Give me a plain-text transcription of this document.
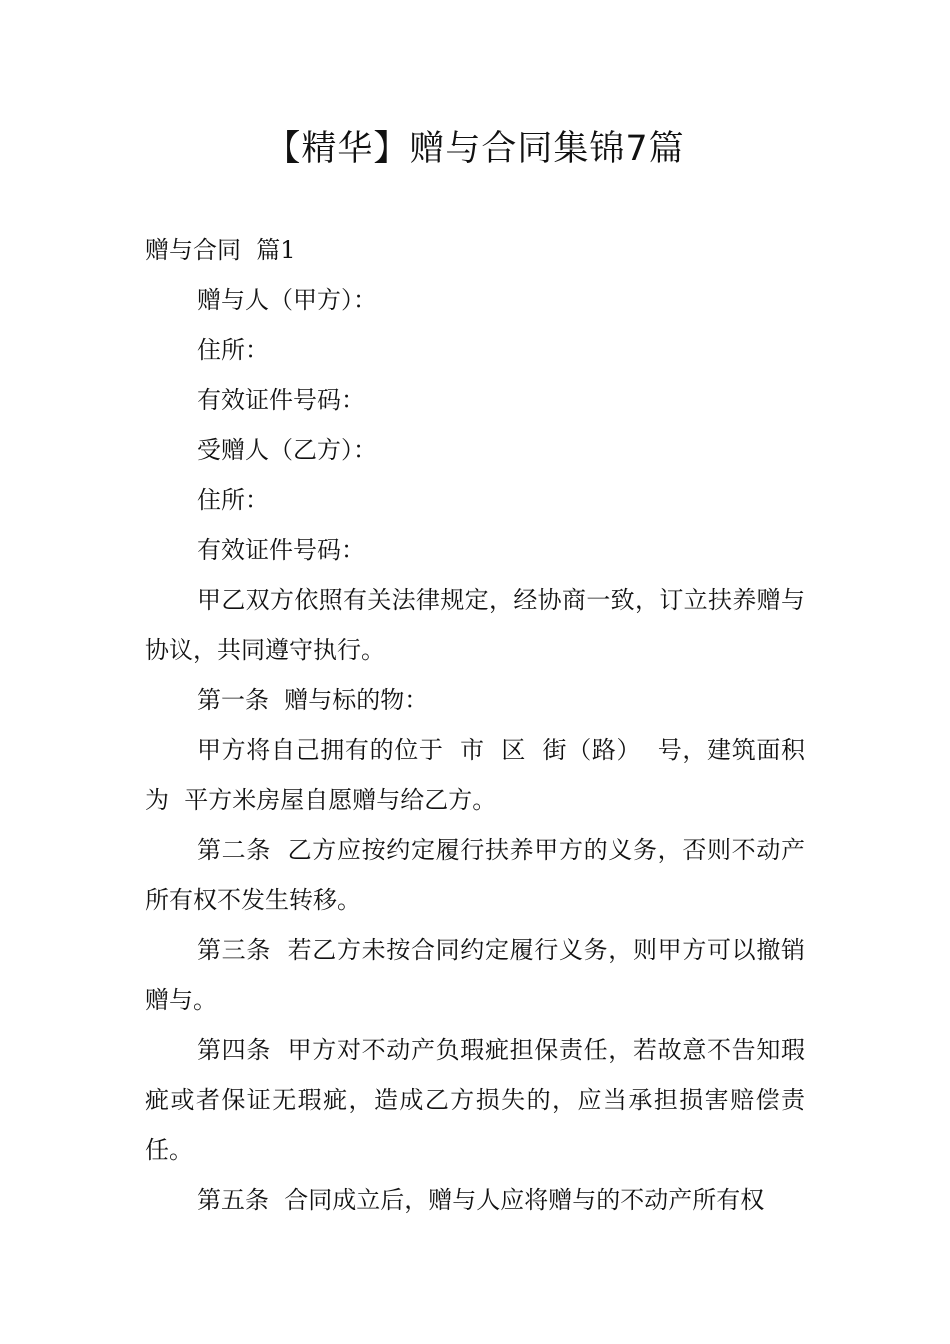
【精华】赠与合同集锦7篇

赠与合同  篇1

赠与人（甲方）：

住所：

有效证件号码：

受赠人（乙方）：

住所：

有效证件号码：

甲乙双方依照有关法律规定，经协商一致，订立扶养赠与协议，共同遵守执行。

第一条  赠与标的物：

甲方将自己拥有的位于  市  区  街（路）  号，建筑面积为  平方米房屋自愿赠与给乙方。

第二条  乙方应按约定履行扶养甲方的义务，否则不动产所有权不发生转移。

第三条  若乙方未按合同约定履行义务，则甲方可以撤销赠与。

第四条  甲方对不动产负瑕疵担保责任，若故意不告知瑕疵或者保证无瑕疵，造成乙方损失的，应当承担损害赔偿责任。

第五条  合同成立后，赠与人应将赠与的不动产所有权
